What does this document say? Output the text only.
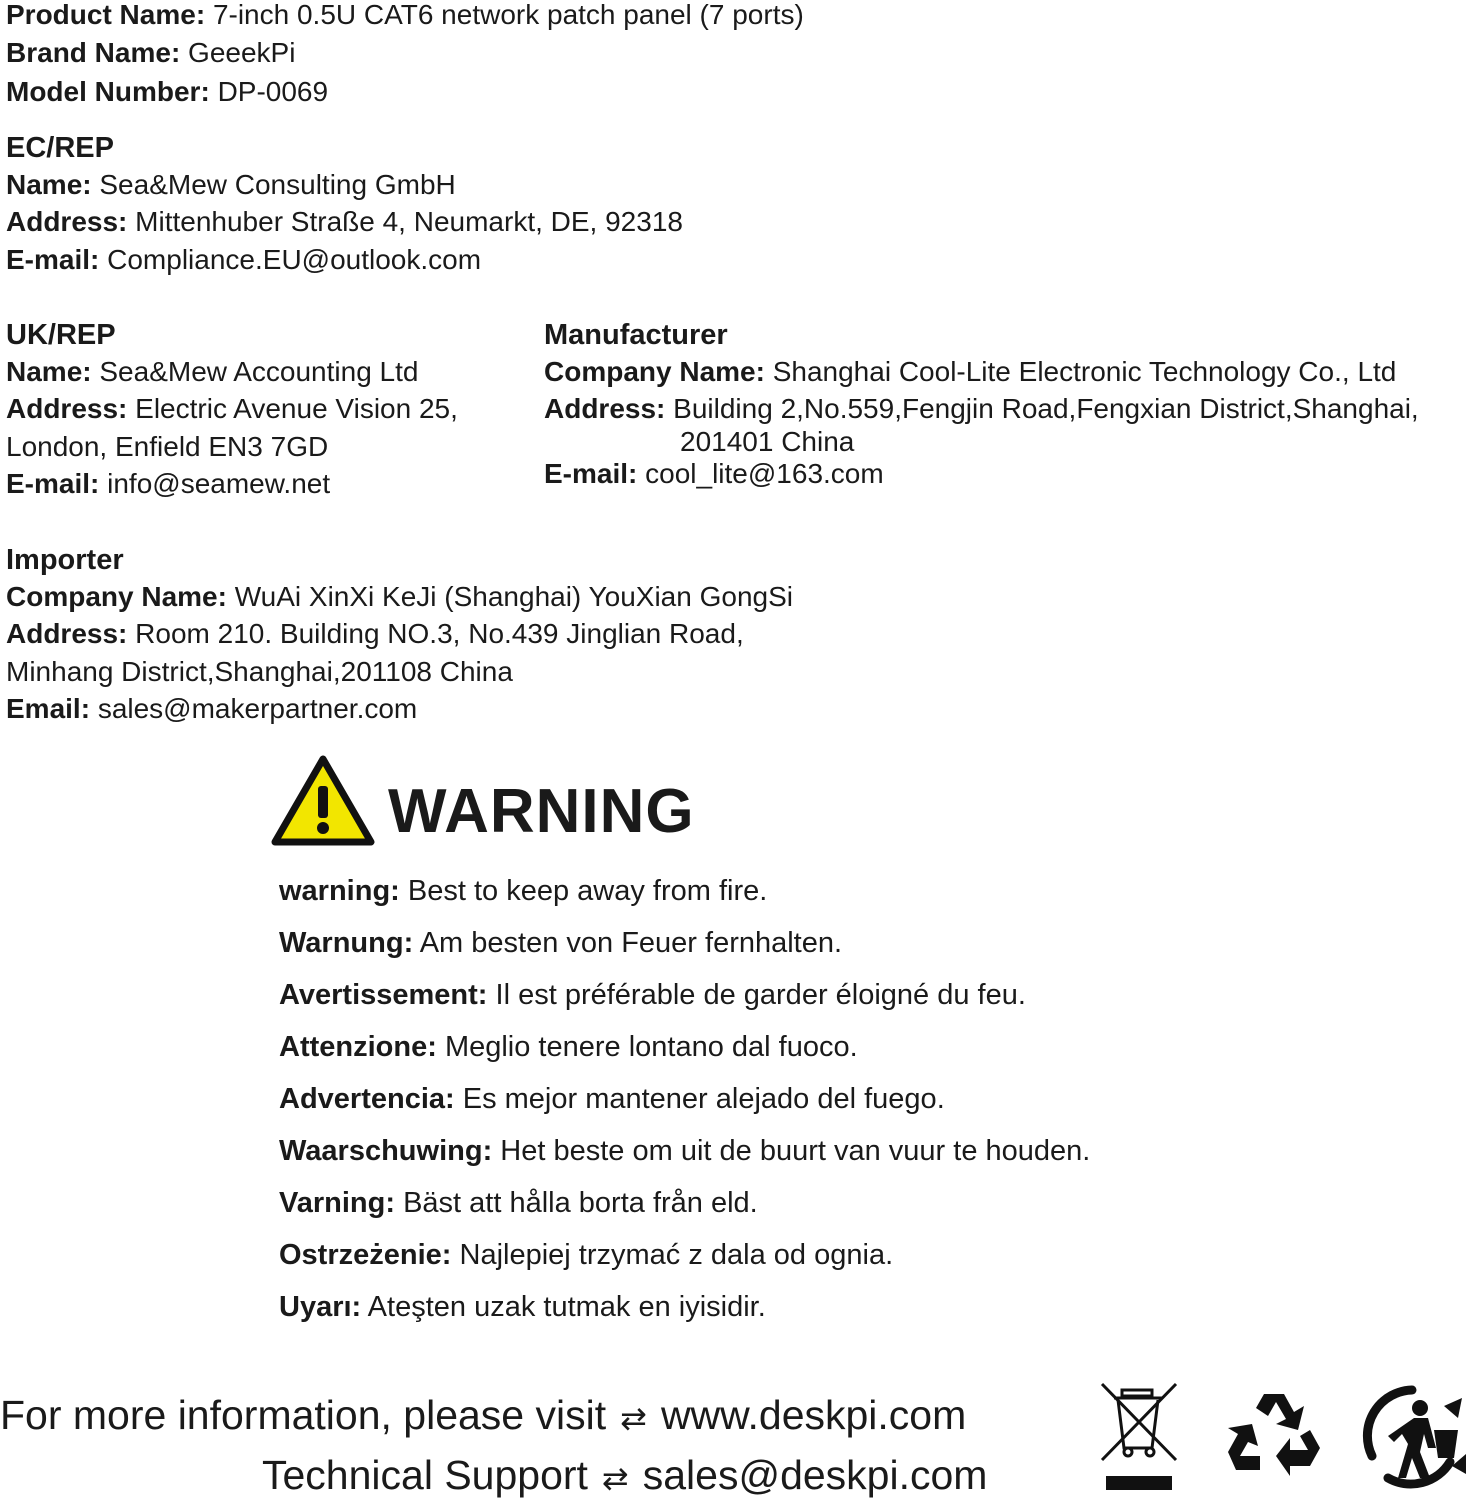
Product Name: 7-inch 0.5U CAT6 network patch panel (7 ports)
Brand Name: GeeekPi
Model Number: DP-0069
EC/REP
Name: Sea&Mew Consulting GmbH
Address: Mittenhuber Straße 4, Neumarkt, DE, 92318
E-mail: Compliance.EU@outlook.com
UK/REP
Name: Sea&Mew Accounting Ltd
Address: Electric Avenue Vision 25,
London, Enfield EN3 7GD
E-mail: info@seamew.net
Manufacturer
Company Name: Shanghai Cool-Lite Electronic Technology Co., Ltd
Address: Building 2,No.559,Fengjin Road,Fengxian District,Shanghai,
201401 China
E-mail: cool_lite@163.com
Importer
Company Name: WuAi XinXi KeJi (Shanghai) YouXian GongSi
Address: Room 210. Building NO.3, No.439 Jinglian Road,
Minhang District,Shanghai,201108 China
Email: sales@makerpartner.com
WARNING
warning: Best to keep away from fire.
Warnung: Am besten von Feuer fernhalten.
Avertissement: Il est préférable de garder éloigné du feu.
Attenzione: Meglio tenere lontano dal fuoco.
Advertencia: Es mejor mantener alejado del fuego.
Waarschuwing: Het beste om uit de buurt van vuur te houden.
Varning: Bäst att hålla borta från eld.
Ostrzeżenie: Najlepiej trzymać z dala od ognia.
Uyarı: Ateşten uzak tutmak en iyisidir.
For more information, please visit ⇄ www.deskpi.com
Technical Support ⇄ sales@deskpi.com
